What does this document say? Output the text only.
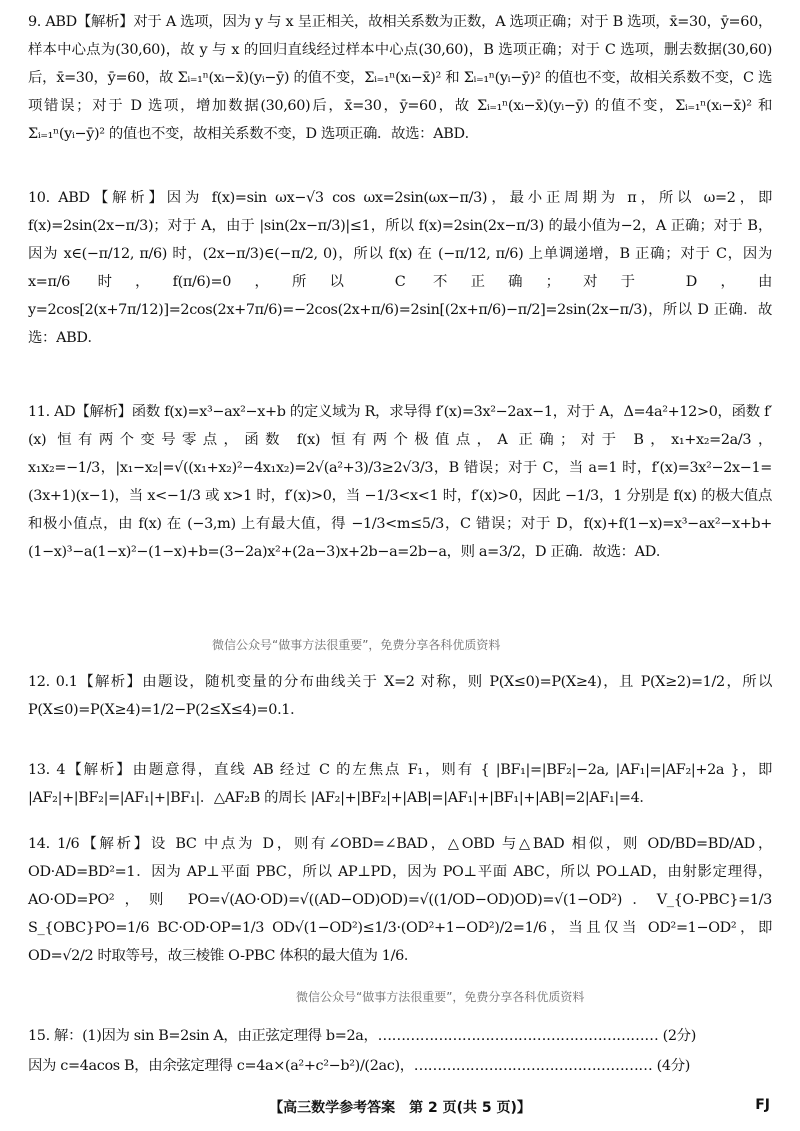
9. ABD【解析】对于 A 选项，因为 y 与 x 呈正相关，故相关系数为正数，A 选项正确；对于 B 选项，x̄=30，ȳ=60，样本中心点为(30,60)，故 y 与 x 的回归直线经过样本中心点(30,60)，B 选项正确；对于 C 选项，删去数据(30,60)后，x̄=30，ȳ=60，故 Σᵢ₌₁ⁿ(xᵢ−x̄)(yᵢ−ȳ) 的值不变，Σᵢ₌₁ⁿ(xᵢ−x̄)² 和 Σᵢ₌₁ⁿ(yᵢ−ȳ)² 的值也不变，故相关系数不变，C 选项错误；对于 D 选项，增加数据(30,60)后，x̄=30，ȳ=60，故 Σᵢ₌₁ⁿ(xᵢ−x̄)(yᵢ−ȳ) 的值不变，Σᵢ₌₁ⁿ(xᵢ−x̄)² 和 Σᵢ₌₁ⁿ(yᵢ−ȳ)² 的值也不变，故相关系数不变，D 选项正确．故选：ABD．
10. ABD【解析】因为 f(x)=sin ωx−√3 cos ωx=2sin(ωx−π/3)，最小正周期为 π，所以 ω=2，即 f(x)=2sin(2x−π/3)；对于 A，由于 |sin(2x−π/3)|≤1，所以 f(x)=2sin(2x−π/3) 的最小值为−2，A 正确；对于 B，因为 x∈(−π/12, π/6) 时，(2x−π/3)∈(−π/2, 0)，所以 f(x) 在 (−π/12, π/6) 上单调递增，B 正确；对于 C，因为 x=π/6 时，f(π/6)=0，所以 C 不正确；对于 D，由 y=2cos[2(x+7π/12)]=2cos(2x+7π/6)=−2cos(2x+π/6)=2sin[(2x+π/6)−π/2]=2sin(2x−π/3)，所以 D 正确．故选：ABD．
11. AD【解析】函数 f(x)=x³−ax²−x+b 的定义域为 R，求导得 f′(x)=3x²−2ax−1，对于 A，Δ=4a²+12>0，函数 f′(x) 恒有两个变号零点，函数 f(x) 恒有两个极值点，A 正确；对于 B，x₁+x₂=2a/3，x₁x₂=−1/3，|x₁−x₂|=√((x₁+x₂)²−4x₁x₂)=2√(a²+3)/3≥2√3/3，B 错误；对于 C，当 a=1 时，f′(x)=3x²−2x−1=(3x+1)(x−1)，当 x<−1/3 或 x>1 时，f′(x)>0，当 −1/3<x<1 时，f′(x)>0，因此 −1/3，1 分别是 f(x) 的极大值点和极小值点，由 f(x) 在 (−3,m) 上有最大值，得 −1/3<m≤5/3，C 错误；对于 D，f(x)+f(1−x)=x³−ax²−x+b+(1−x)³−a(1−x)²−(1−x)+b=(3−2a)x²+(2a−3)x+2b−a=2b−a，则 a=3/2，D 正确．故选：AD．
微信公众号“做事方法很重要”，免费分享各科优质资料
12. 0.1【解析】由题设，随机变量的分布曲线关于 X=2 对称，则 P(X≤0)=P(X≥4)，且 P(X≥2)=1/2，所以 P(X≤0)=P(X≥4)=1/2−P(2≤X≤4)=0.1．
13. 4【解析】由题意得，直线 AB 经过 C 的左焦点 F₁，则有 { |BF₁|=|BF₂|−2a, |AF₁|=|AF₂|+2a }，即 |AF₂|+|BF₂|=|AF₁|+|BF₁|．△AF₂B 的周长 |AF₂|+|BF₂|+|AB|=|AF₁|+|BF₁|+|AB|=2|AF₁|=4．
14. 1/6【解析】设 BC 中点为 D，则有∠OBD=∠BAD，△OBD 与△BAD 相似，则 OD/BD=BD/AD，OD·AD=BD²=1．因为 AP⊥平面 PBC，所以 AP⊥PD，因为 PO⊥平面 ABC，所以 PO⊥AD，由射影定理得，AO·OD=PO²，则 PO=√(AO·OD)=√((AD−OD)OD)=√((1/OD−OD)OD)=√(1−OD²)．V_{O-PBC}=1/3 S_{OBC}PO=1/6 BC·OD·OP=1/3 OD√(1−OD²)≤1/3·(OD²+1−OD²)/2=1/6，当且仅当 OD²=1−OD²，即 OD=√2/2 时取等号，故三棱锥 O-PBC 体积的最大值为 1/6．
微信公众号“做事方法很重要”，免费分享各科优质资料
15. 解：(1)因为 sin B=2sin A，由正弦定理得 b=2a，…………………………………………………… (2分)
因为 c=4acos B，由余弦定理得 c=4a×(a²+c²−b²)/(2ac)，…………………………………………… (4分)
【高三数学参考答案　第 2 页(共 5 页)】	FJ
